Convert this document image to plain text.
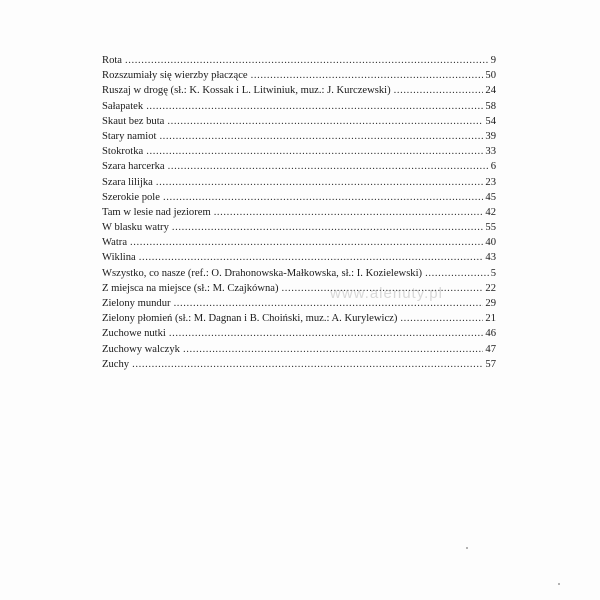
Rota .....	9
Rozszumiały się wierzby płaczące .....	50
Ruszaj w drogę (sł.: K. Kossak i L. Litwiniuk, muz.: J. Kurczewski) .....	24
Sałapatek .....	58
Skaut bez buta .....	54
Stary namiot .....	39
Stokrotka .....	33
Szara harcerka .....	6
Szara lilijka .....	23
Szerokie pole .....	45
Tam w lesie nad jeziorem .....	42
W blasku watry .....	55
Watra .....	40
Wiklina .....	43
Wszystko, co nasze (ref.: O. Drahonowska-Małkowska, sł.: I. Kozielewski) .....	5
Z miejsca na miejsce (sł.: M. Czajkówna) .....	22
Zielony mundur .....	29
Zielony płomień (sł.: M. Dagnan i B. Choiński, muz.: A. Kurylewicz) .....	21
Zuchowe nutki .....	46
Zuchowy walczyk .....	47
Zuchy .....	57
www.alenuty.pl
